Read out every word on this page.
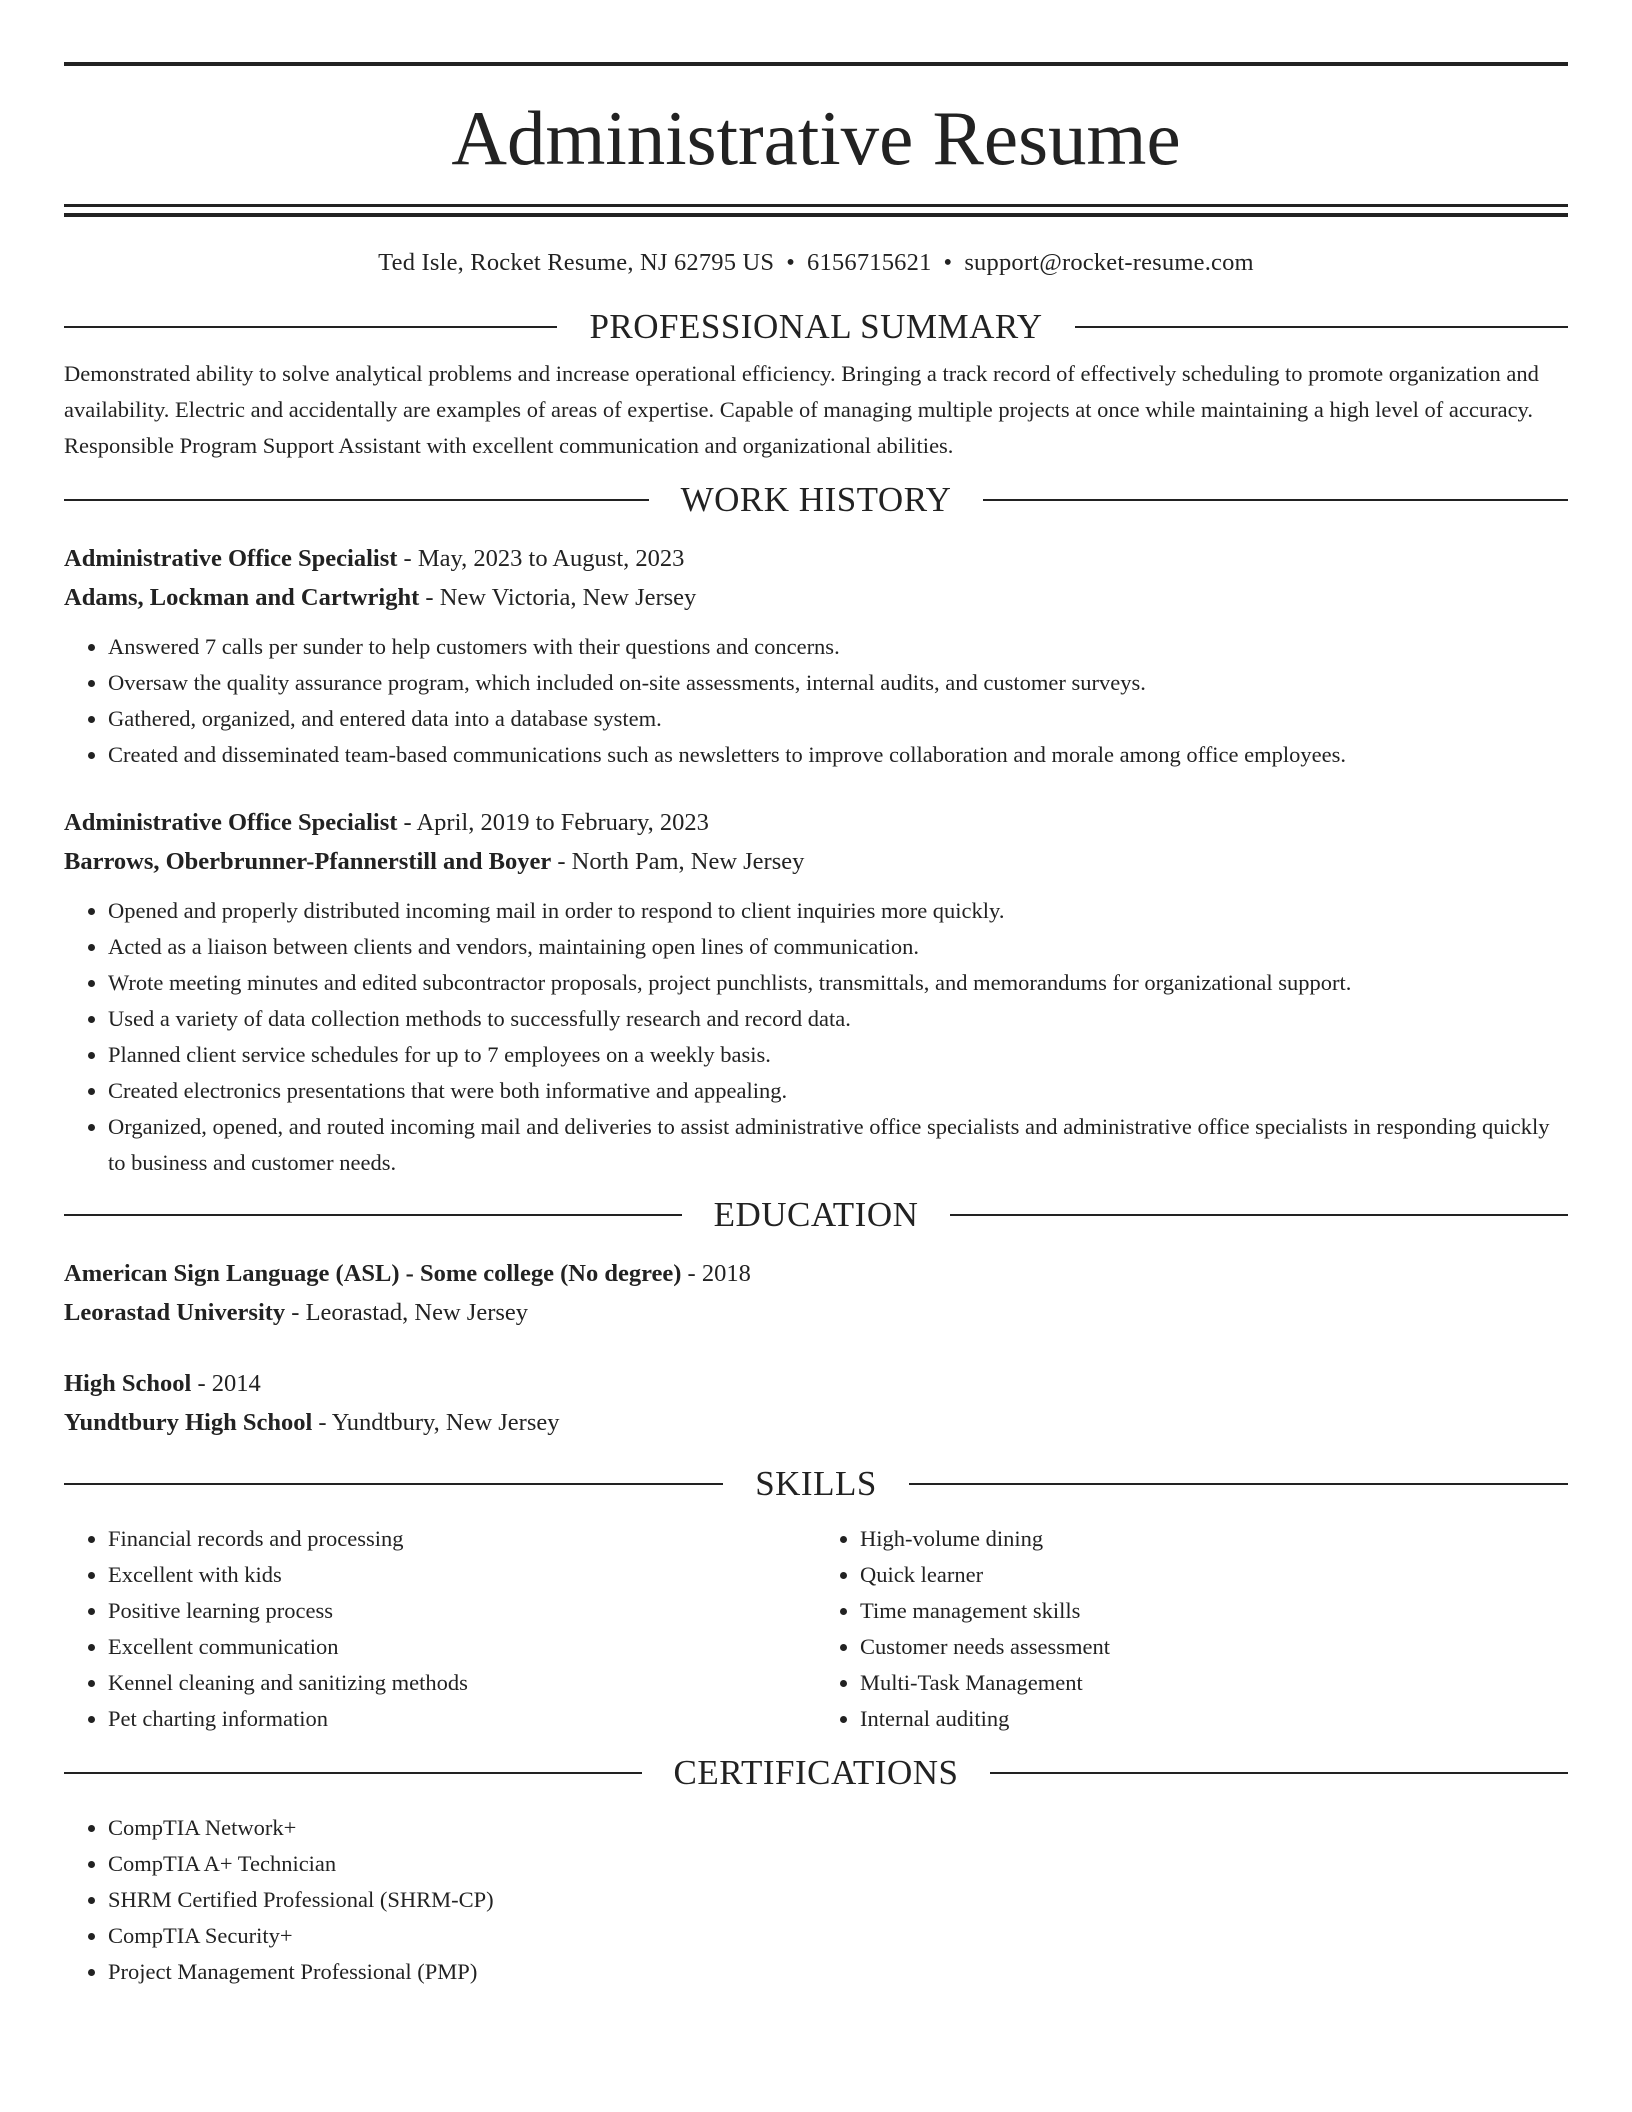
Administrative Resume
Ted Isle, Rocket Resume, NJ 62795 US • 6156715621 • support@rocket-resume.com
PROFESSIONAL SUMMARY

Demonstrated ability to solve analytical problems and increase operational efficiency. Bringing a track record of effectively scheduling to promote organization and availability. Electric and accidentally are examples of areas of expertise. Capable of managing multiple projects at once while maintaining a high level of accuracy. Responsible Program Support Assistant with excellent communication and organizational abilities.

WORK HISTORY
Administrative Office Specialist - May, 2023 to August, 2023
Adams, Lockman and Cartwright - New Victoria, New Jersey
• Answered 7 calls per sunder to help customers with their questions and concerns.
• Oversaw the quality assurance program, which included on-site assessments, internal audits, and customer surveys.
• Gathered, organized, and entered data into a database system.
• Created and disseminated team-based communications such as newsletters to improve collaboration and morale among office employees.
Administrative Office Specialist - April, 2019 to February, 2023
Barrows, Oberbrunner-Pfannerstill and Boyer - North Pam, New Jersey
• Opened and properly distributed incoming mail in order to respond to client inquiries more quickly.
• Acted as a liaison between clients and vendors, maintaining open lines of communication.
• Wrote meeting minutes and edited subcontractor proposals, project punchlists, transmittals, and memorandums for organizational support.
• Used a variety of data collection methods to successfully research and record data.
• Planned client service schedules for up to 7 employees on a weekly basis.
• Created electronics presentations that were both informative and appealing.
• Organized, opened, and routed incoming mail and deliveries to assist administrative office specialists and administrative office specialists in responding quickly to business and customer needs.
EDUCATION
American Sign Language (ASL) - Some college (No degree) - 2018
Leorastad University - Leorastad, New Jersey
High School - 2014
Yundtbury High School - Yundtbury, New Jersey
SKILLS
• Financial records and processing
• Excellent with kids
• Positive learning process
• Excellent communication
• Kennel cleaning and sanitizing methods
• Pet charting information
• High-volume dining
• Quick learner
• Time management skills
• Customer needs assessment
• Multi-Task Management
• Internal auditing
CERTIFICATIONS
• CompTIA Network+
• CompTIA A+ Technician
• SHRM Certified Professional (SHRM-CP)
• CompTIA Security+
• Project Management Professional (PMP)
